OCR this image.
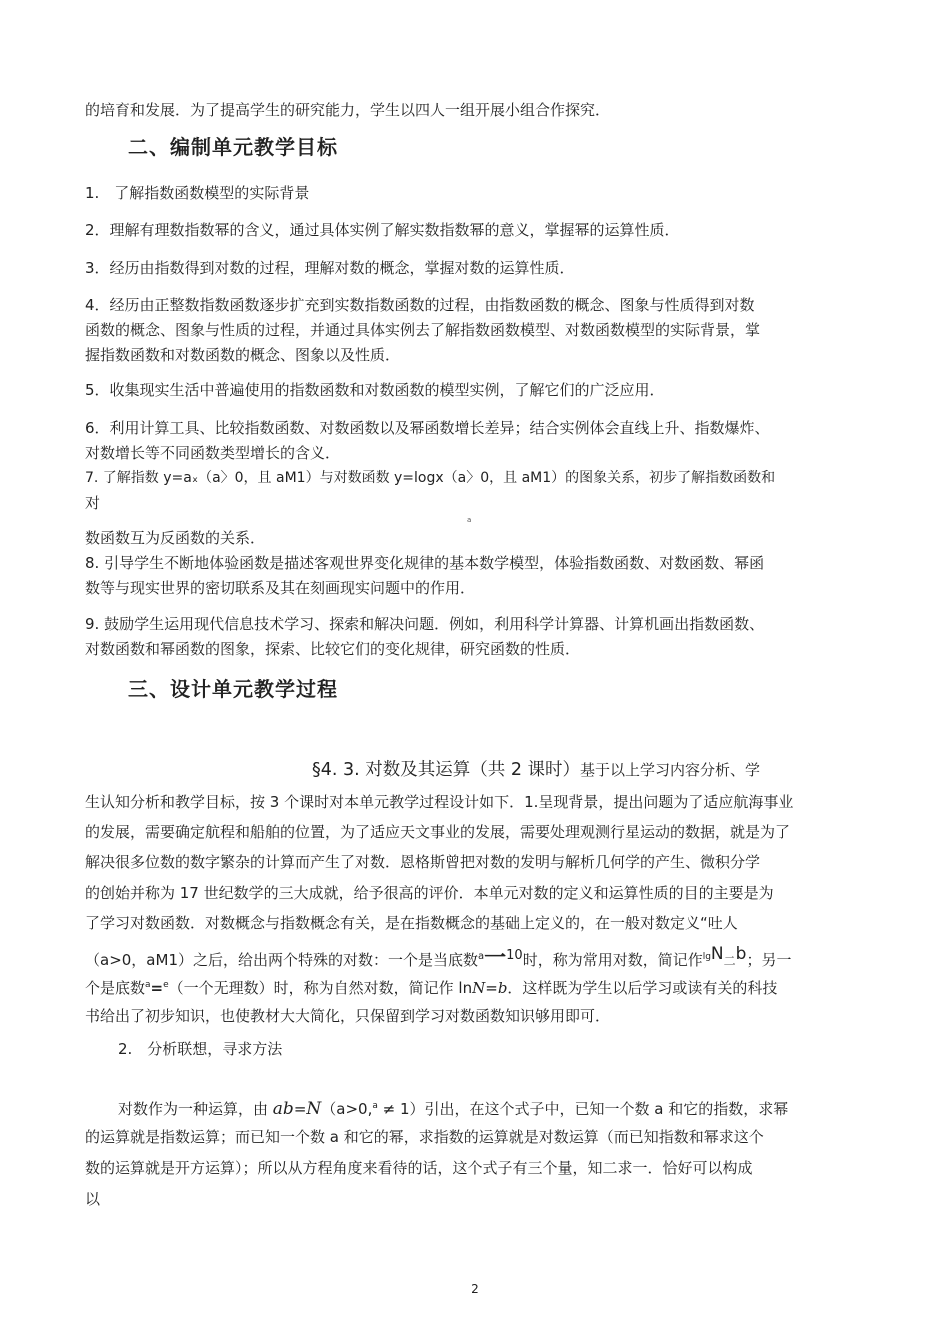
的培育和发展．为了提高学生的研究能力，学生以四人一组开展小组合作探究．
二、编制单元教学目标
1.　了解指数函数模型的实际背景
2．理解有理数指数幂的含义，通过具体实例了解实数指数幂的意义，掌握幂的运算性质．
3．经历由指数得到对数的过程，理解对数的概念，掌握对数的运算性质．
4．经历由正整数指数函数逐步扩充到实数指数函数的过程，由指数函数的概念、图象与性质得到对数
函数的概念、图象与性质的过程，并通过具体实例去了解指数函数模型、对数函数模型的实际背景，掌
握指数函数和对数函数的概念、图象以及性质．
5．收集现实生活中普遍使用的指数函数和对数函数的模型实例，了解它们的广泛应用．
6．利用计算工具、比较指数函数、对数函数以及幂函数增长差异；结合实例体会直线上升、指数爆炸、
对数增长等不同函数类型增长的含义．
7. 了解指数 y=aₓ（a〉0，且 aM1）与对数函数 y=logx（a〉0，且 aM1）的图象关系，初步了解指数函数和
对
数函数互为反函数的关系．
8. 引导学生不断地体验函数是描述客观世界变化规律的基本数学模型，体验指数函数、对数函数、幂函
数等与现实世界的密切联系及其在刻画现实问题中的作用．
9. 鼓励学生运用现代信息技术学习、探索和解决问题．例如，利用科学计算器、计算机画出指数函数、
对数函数和幂函数的图象，探索、比较它们的变化规律，研究函数的性质．
a
三、设计单元教学过程
§4. 3. 对数及其运算（共 2 课时）基于以上学习内容分析、学
生认知分析和教学目标，按 3 个课时对本单元教学过程设计如下．1.呈现背景，提出问题为了适应航海事业
的发展，需要确定航程和船舶的位置，为了适应天文事业的发展，需要处理观测行星运动的数据，就是为了
解决很多位数的数字繁杂的计算而产生了对数．恩格斯曾把对数的发明与解析几何学的产生、微积分学
的创始并称为 17 世纪数学的三大成就，给予很高的评价．本单元对数的定义和运算性质的目的主要是为
了学习对数函数．对数概念与指数概念有关，是在指数概念的基础上定义的，在一般对数定义“吐人
（a>0，aM1）之后，给出两个特殊的对数：一个是当底数$^a$一10时，称为常用对数，简记作$^{lg}$N二b；另一
个是底数$^a$=$^e$（一个无理数）时，称为自然对数，简记作 lnN=b．这样既为学生以后学习或读有关的科技
书给出了初步知识，也使教材大大简化，只保留到学习对数函数知识够用即可．
2.　分析联想，寻求方法
对数作为一种运算，由 ab=N（a>0,$^a$ ≠ 1）引出，在这个式子中，已知一个数 a 和它的指数，求幂
的运算就是指数运算；而已知一个数 a 和它的幂，求指数的运算就是对数运算（而已知指数和幂求这个
数的运算就是开方运算）；所以从方程角度来看待的话，这个式子有三个量，知二求一．恰好可以构成
以
2
